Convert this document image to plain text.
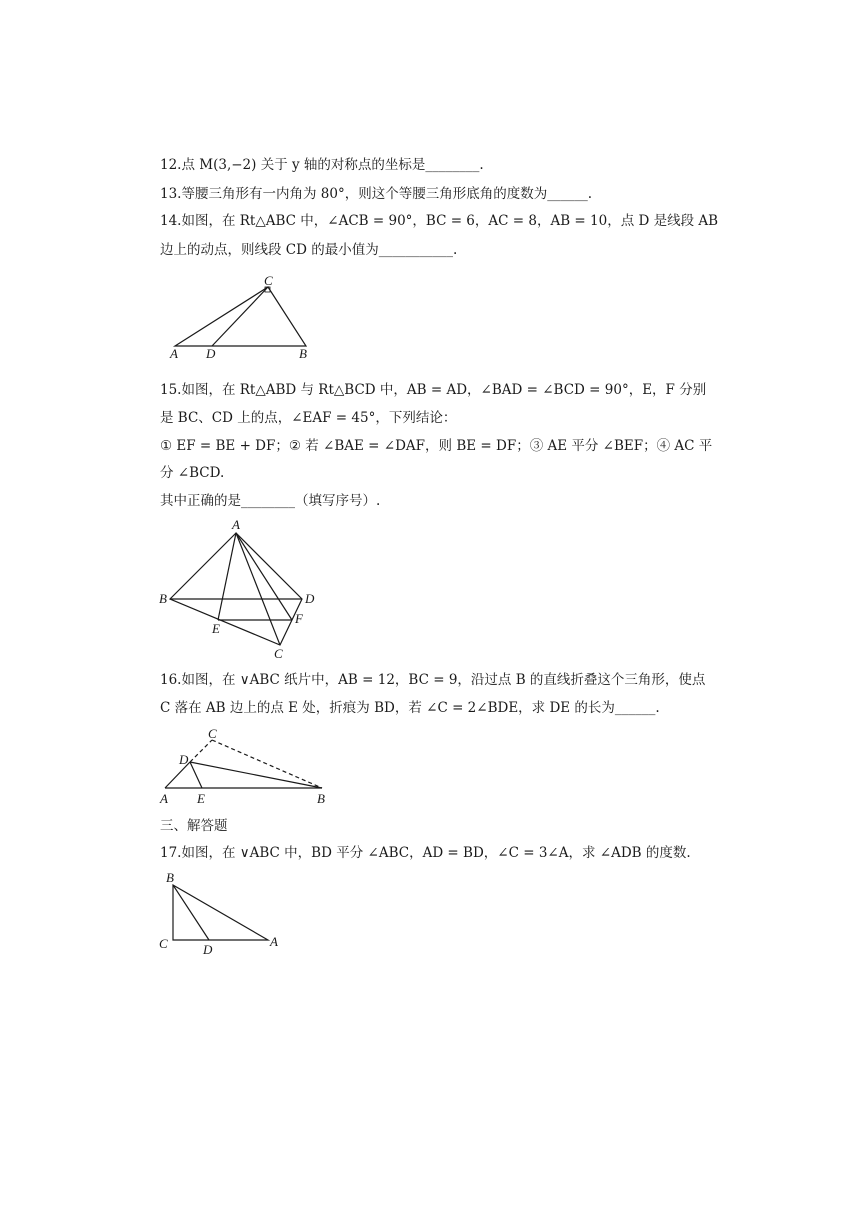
12.点 M(3,−2) 关于 y 轴的对称点的坐标是________.
13.等腰三角形有一内角为 80°，则这个等腰三角形底角的度数为______.
14.如图，在 Rt△ABC 中，∠ACB = 90°，BC = 6，AC = 8，AB = 10，点 D 是线段 AB
边上的动点，则线段 CD 的最小值为___________.
C
A D	B
15.如图，在 Rt△ABD 与 Rt△BCD 中，AB = AD，∠BAD = ∠BCD = 90°，E，F 分别
是 BC、CD 上的点，∠EAF = 45°，下列结论：
① EF = BE + DF；② 若 ∠BAE = ∠DAF，则 BE = DF；③ AE 平分 ∠BEF；④ AC 平
分 ∠BCD.
其中正确的是________（填写序号）.
A
B	D
E
F
C
16.如图，在 ∨ABC 纸片中，AB = 12，BC = 9，沿过点 B 的直线折叠这个三角形，使点
C 落在 AB 边上的点 E 处，折痕为 BD，若 ∠C = 2∠BDE，求 DE 的长为______.
C
D
A E	B
三、解答题
17.如图，在 ∨ABC 中，BD 平分 ∠ABC，AD = BD，∠C = 3∠A，求 ∠ADB 的度数.
B
C	D
A
